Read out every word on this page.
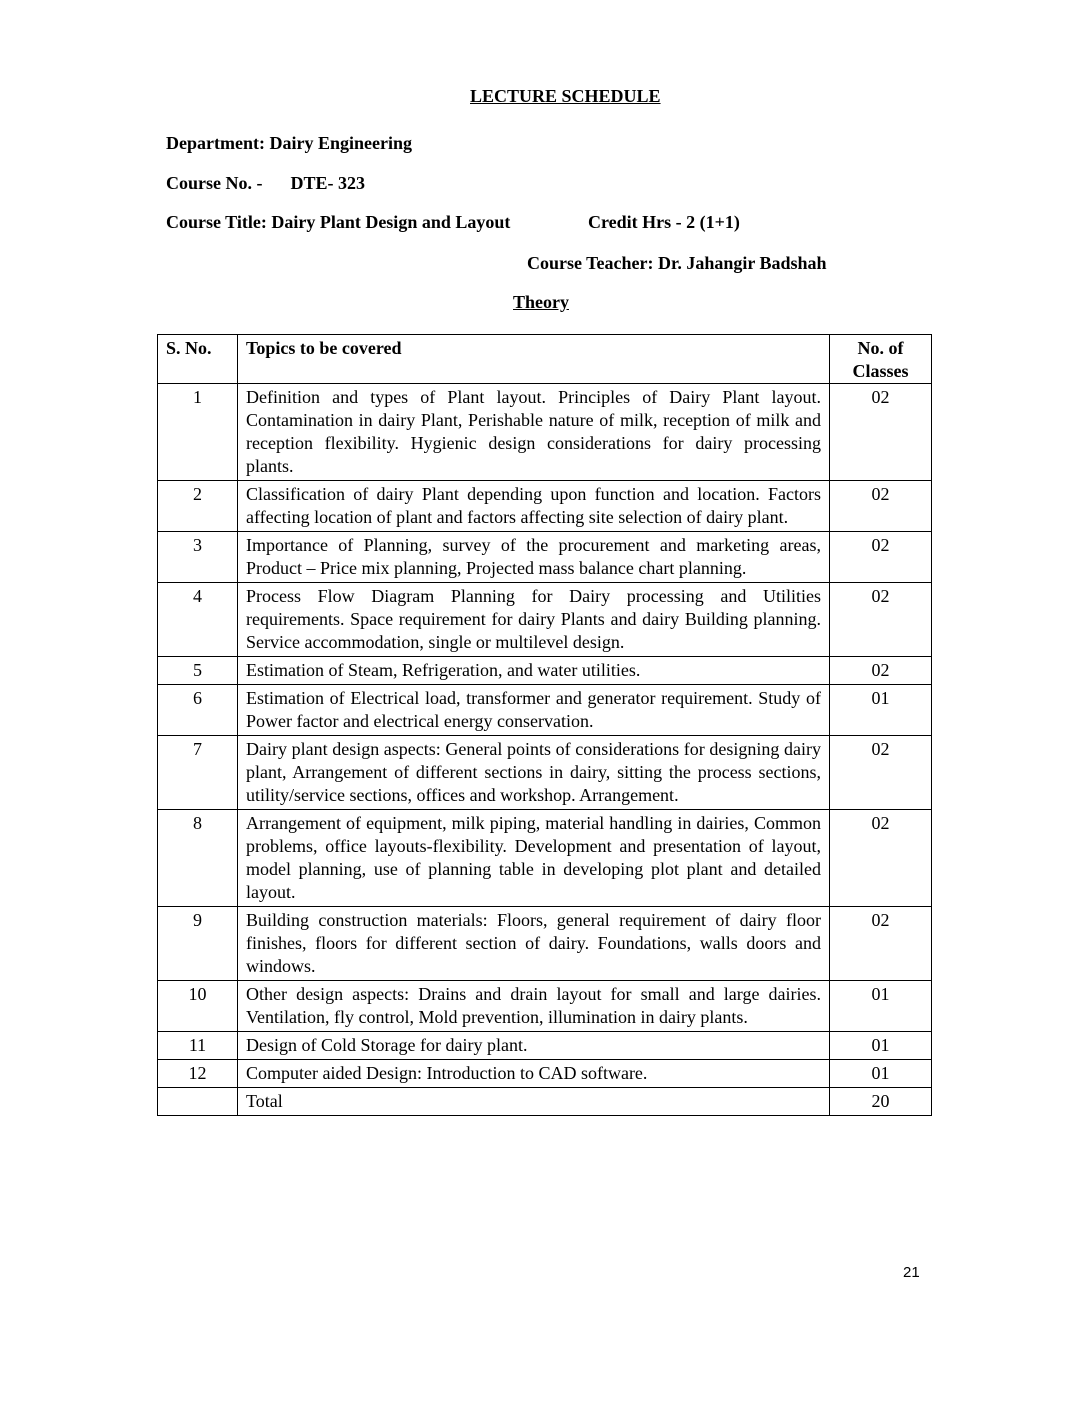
LECTURE SCHEDULE
Department: Dairy Engineering
Course No. - DTE- 323
Course Title: Dairy Plant Design and Layout	Credit Hrs - 2 (1+1)
Course Teacher: Dr. Jahangir Badshah
Theory
S. No.	Topics to be covered	No. of Classes
1	Definition and types of Plant layout. Principles of Dairy Plant layout. Contamination in dairy Plant, Perishable nature of milk, reception of milk and reception flexibility. Hygienic design considerations for dairy processing plants.	02
2	Classification of dairy Plant depending upon function and location. Factors affecting location of plant and factors affecting site selection of dairy plant.	02
3	Importance of Planning, survey of the procurement and marketing areas, Product – Price mix planning, Projected mass balance chart planning.	02
4	Process Flow Diagram Planning for Dairy processing and Utilities requirements. Space requirement for dairy Plants and dairy Building planning. Service accommodation, single or multilevel design.	02
5	Estimation of Steam, Refrigeration, and water utilities.	02
6	Estimation of Electrical load, transformer and generator requirement. Study of Power factor and electrical energy conservation.	01
7	Dairy plant design aspects: General points of considerations for designing dairy plant, Arrangement of different sections in dairy, sitting the process sections, utility/service sections, offices and workshop. Arrangement.	02
8	Arrangement of equipment, milk piping, material handling in dairies, Common problems, office layouts-flexibility. Development and presentation of layout, model planning, use of planning table in developing plot plant and detailed layout.	02
9	Building construction materials: Floors, general requirement of dairy floor finishes, floors for different section of dairy. Foundations, walls doors and windows.	02
10	Other design aspects: Drains and drain layout for small and large dairies. Ventilation, fly control, Mold prevention, illumination in dairy plants.	01
11	Design of Cold Storage for dairy plant.	01
12	Computer aided Design: Introduction to CAD software.	01
	Total	20
21
